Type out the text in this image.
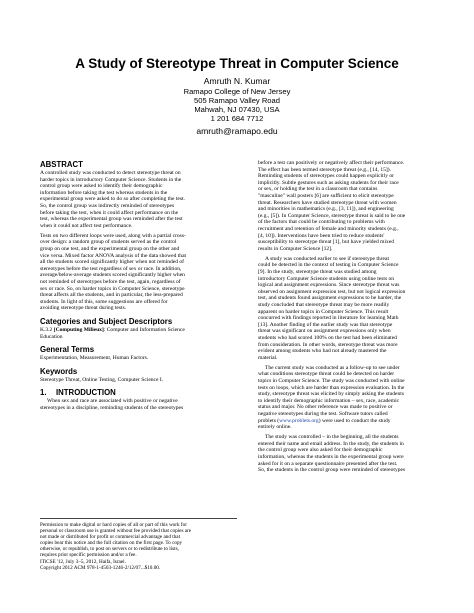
A Study of Stereotype Threat in Computer Science
Amruth N. Kumar
Ramapo College of New Jersey
505 Ramapo Valley Road
Mahwah, NJ 07430, USA
1 201 684 7712
amruth@ramapo.edu
ABSTRACT

A controlled study was conducted to detect stereotype threat on
harder topics in introductory Computer Science. Students in the
control group were asked to identify their demographic
information before taking the test whereas students in the
experimental group were asked to do so after completing the test.
So, the control group was indirectly reminded of stereotypes
before taking the test, when it could affect performance on the
test, whereas the experimental group was reminded after the test
when it could not affect test performance.

Tests on two different loops were used, along with a partial cross-
over design: a random group of students served as the control
group on one test, and the experimental group on the other and
vice versa. Mixed factor ANOVA analysis of the data showed that
all the students scored significantly higher when not reminded of
stereotypes before the test regardless of sex or race. In addition,
average/below-average students scored significantly higher when
not reminded of stereotypes before the test, again, regardless of
sex or race. So, on harder topics in Computer Science, stereotype
threat affects all the students, and in particular, the less-prepared
students. In light of this, some suggestions are offered for
avoiding stereotype threat during tests.

Categories and Subject Descriptors

K.3.2 [Computing Milieux]: Computer and Information Science
Education

General Terms

Experimentation, Measurement, Human Factors.

Keywords

Stereotype Threat, Online Testing, Computer Science I.

1. INTRODUCTION

When sex and race are associated with positive or negative
stereotypes in a discipline, reminding students of the stereotypes

Permission to make digital or hard copies of all or part of this work for
personal or classroom use is granted without fee provided that copies are
not made or distributed for profit or commercial advantage and that
copies bear this notice and the full citation on the first page. To copy
otherwise, or republish, to post on servers or to redistribute to lists,
requires prior specific permission and/or a fee.

ITiCSE '12, July 3–5, 2012, Haifa, Israel.

Copyright 2012 ACM 978-1-4503-1246-2/12/07...$10.00.

before a test can positively or negatively affect their performance.
The effect has been termed stereotype threat (e.g., [14, 15]).
Reminding students of stereotypes could happen explicitly or
implicitly. Subtle gestures such as asking students for their race
or sex, or holding the test in a classroom that contains
"masculine" wall posters [6] are sufficient to elicit stereotype
threat. Researchers have studied stereotype threat with women
and minorities in mathematics (e.g., [3, 11]), and engineering
(e.g., [5]). In Computer Science, stereotype threat is said to be one
of the factors that could be contributing to problems with
recruitment and retention of female and minority students (e.g.,
[4, 10]). Interventions have been tried to reduce students'
susceptibility to stereotype threat [1], but have yielded mixed
results in Computer Science [12].

A study was conducted earlier to see if stereotype threat
could be detected in the context of testing in Computer Science
[9]. In the study, stereotype threat was studied among
introductory Computer Science students using online tests on
logical and assignment expressions. Since stereotype threat was
observed on assignment expression test, but not logical expression
test, and students found assignment expressions to be harder, the
study concluded that stereotype threat may be more readily
apparent on harder topics in Computer Science. This result
concurred with findings reported in literature for learning Math
[13]. Another finding of the earlier study was that stereotype
threat was significant on assignment expressions only when
students who had scored 100% on the test had been eliminated
from consideration. In other words, stereotype threat was more
evident among students who had not already mastered the
material.

The current study was conducted as a follow-up to see under
what conditions stereotype threat could be detected on harder
topics in Computer Science. The study was conducted with online
tests on loops, which are harder than expression evaluation. In the
study, stereotype threat was elicited by simply asking the students
to identify their demographic information – sex, race, academic
status and major. No other reference was made to positive or
negative stereotypes during the test. Software tutors called
problets (www.problets.org) were used to conduct the study
entirely online.

The study was controlled – in the beginning, all the students
entered their name and email address. In the study, the students in
the control group were also asked for their demographic
information, whereas the students in the experimental group were
asked for it on a separate questionnaire presented after the test.
So, the students in the control group were reminded of stereotypes
